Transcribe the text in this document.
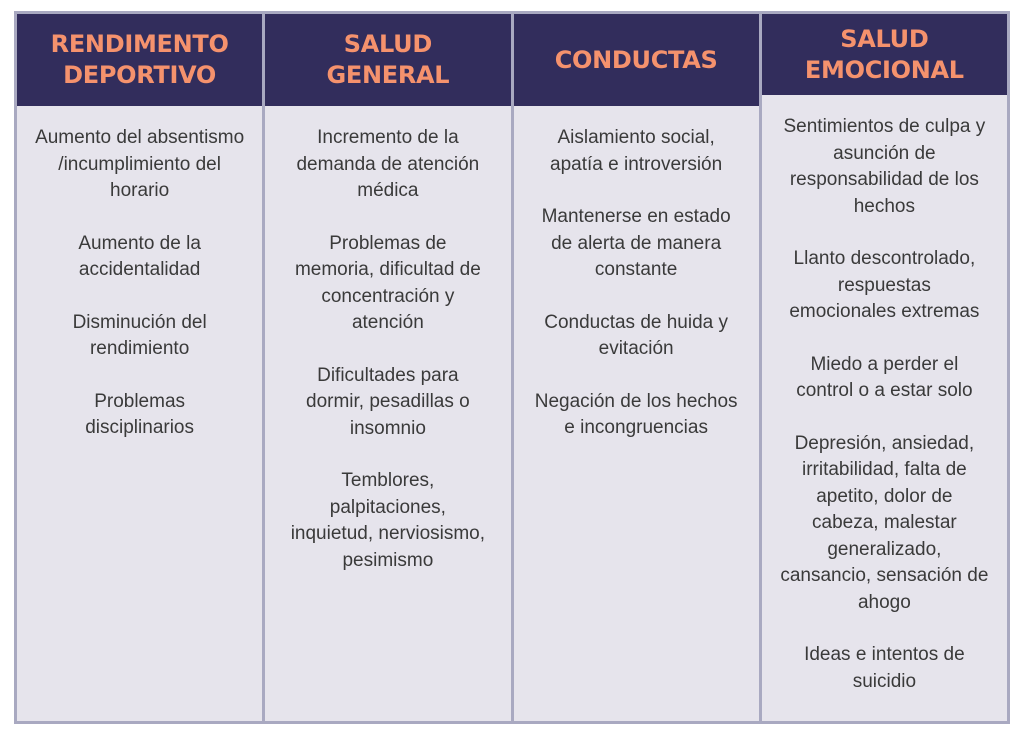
RENDIMENTO
DEPORTIVO
Aumento del absentismo
/incumplimiento del
horario
Aumento de la
accidentalidad
Disminución del
rendimiento
Problemas
disciplinarios
SALUD
GENERAL
Incremento de la
demanda de atención
médica
Problemas de
memoria, dificultad de
concentración y
atención
Dificultades para
dormir, pesadillas o
insomnio
Temblores,
palpitaciones,
inquietud, nerviosismo,
pesimismo
CONDUCTAS
Aislamiento social,
apatía e introversión
Mantenerse en estado
de alerta de manera
constante
Conductas de huida y
evitación
Negación de los hechos
e incongruencias
SALUD
EMOCIONAL
Sentimientos de culpa y
asunción de
responsabilidad de los
hechos
Llanto descontrolado,
respuestas
emocionales extremas
Miedo a perder el
control o a estar solo
Depresión, ansiedad,
irritabilidad, falta de
apetito, dolor de
cabeza, malestar
generalizado,
cansancio, sensación de
ahogo
Ideas e intentos de
suicidio
